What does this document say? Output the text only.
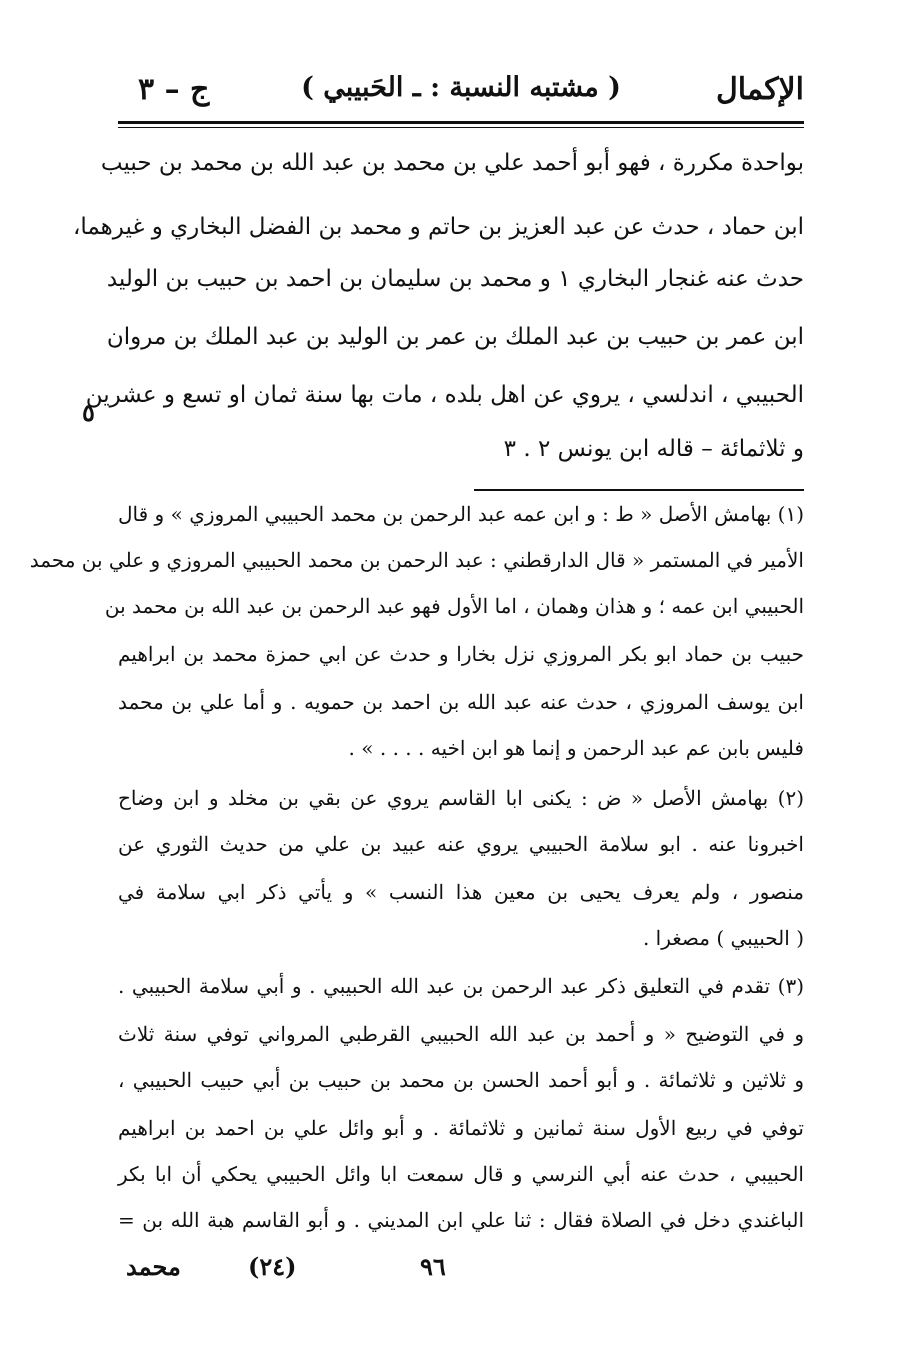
الإكمال
( مشتبه النسبة : ـ الحَبيبي )
ج – ٣
بواحدة مكررة ، فهو أبو أحمد علي بن محمد بن عبد الله بن محمد بن حبيب
ابن حماد ، حدث عن عبد العزيز بن حاتم و محمد بن الفضل البخاري و غيرهما،
حدث عنه غنجار البخاري ١ و محمد بن سليمان بن احمد بن حبيب بن الوليد
ابن عمر بن حبيب بن عبد الملك بن عمر بن الوليد بن عبد الملك بن مروان
الحبيبي ، اندلسي ، يروي عن اهل بلده ، مات بها سنة ثمان او تسع و عشرين
و ثلاثمائة – قاله ابن يونس ٢ . ٣
٥
(١) بهامش الأصل « ط : و ابن عمه عبد الرحمن بن محمد الحبيبي المروزي » و قال
الأمير في المستمر « قال الدارقطني : عبد الرحمن بن محمد الحبيبي المروزي و علي بن محمد
الحبيبي ابن عمه ؛ و هذان وهمان ، اما الأول فهو عبد الرحمن بن عبد الله بن محمد بن
حبيب بن حماد ابو بكر المروزي نزل بخارا و حدث عن ابي حمزة محمد بن ابراهيم
ابن يوسف المروزي ، حدث عنه عبد الله بن احمد بن حمويه . و أما علي بن محمد
فليس بابن عم عبد الرحمن و إنما هو ابن اخيه . . . . » .
(٢) بهامش الأصل « ض : يكنى ابا القاسم يروي عن بقي بن مخلد و ابن وضاح
اخبرونا عنه . ابو سلامة الحبيبي يروي عنه عبيد بن علي من حديث الثوري عن
منصور ، ولم يعرف يحيى بن معين هذا النسب » و يأتي ذكر ابي سلامة في
( الحبيبي ) مصغرا .
(٣) تقدم في التعليق ذكر عبد الرحمن بن عبد الله الحبيبي . و أبي سلامة الحبيبي .
و في التوضيح « و أحمد بن عبد الله الحبيبي القرطبي المرواني توفي سنة ثلاث
و ثلاثين و ثلاثمائة . و أبو أحمد الحسن بن محمد بن حبيب بن أبي حبيب الحبيبي ،
توفي في ربيع الأول سنة ثمانين و ثلاثمائة . و أبو وائل علي بن احمد بن ابراهيم
الحبيبي ، حدث عنه أبي النرسي و قال سمعت ابا وائل الحبيبي يحكي أن ابا بكر
الباغندي دخل في الصلاة فقال : ثنا علي ابن المديني . و أبو القاسم هبة الله بن =
محمد	(٢٤)	٩٦
